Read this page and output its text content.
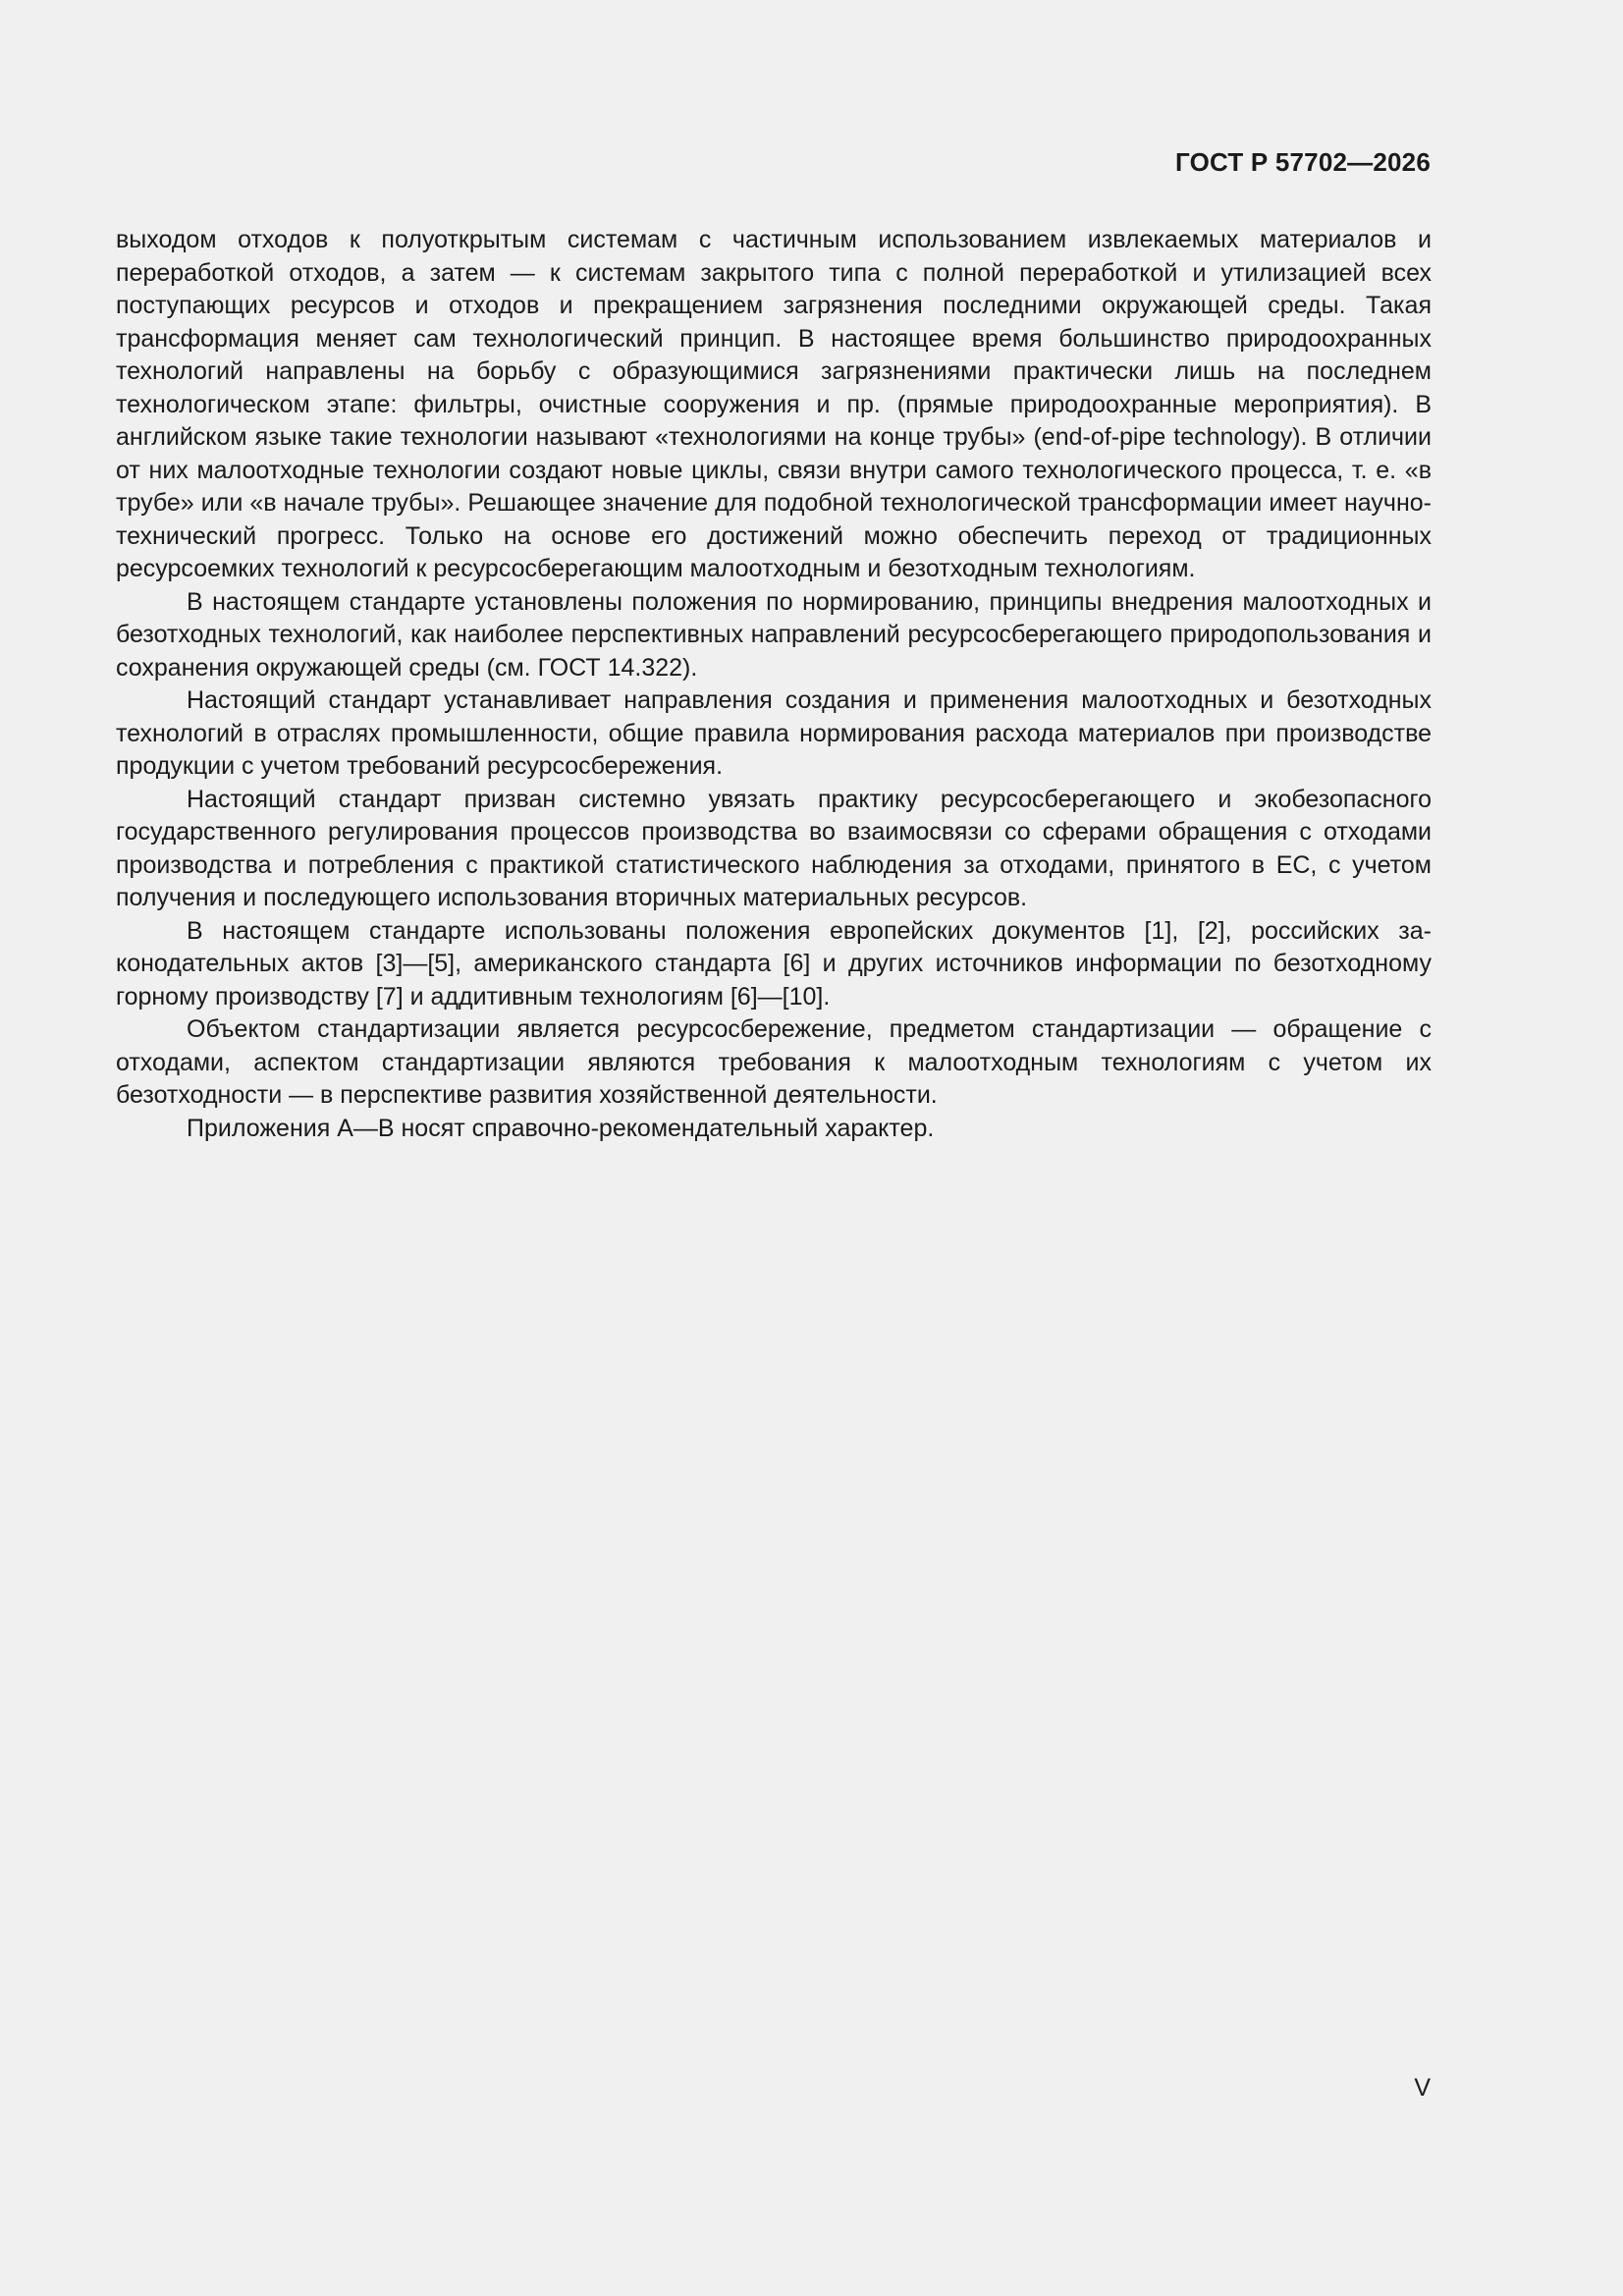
ГОСТ Р 57702—2026

выходом отходов к полуоткрытым системам с частичным использованием извлекаемых материалов и переработкой отходов, а затем — к системам закрытого типа с полной переработкой и утилизацией всех поступающих ресурсов и отходов и прекращением загрязнения последними окружающей среды. Такая трансформация меняет сам технологический принцип. В настоящее время большинство природоохранных технологий направлены на борьбу с образующимися загрязнениями практически лишь на последнем технологическом этапе: фильтры, очистные сооружения и пр. (прямые природоохранные мероприятия). В английском языке такие технологии называют «технологиями на конце трубы» (end-of-pipe technology). В отличии от них малоотходные технологии создают новые циклы, связи внутри самого технологического процесса, т. е. «в трубе» или «в начале трубы». Решающее значение для подобной технологической трансформации имеет научно-технический прогресс. Только на основе его достижений можно обеспечить переход от традиционных ресурсоемких технологий к ресурсосберегающим малоотходным и безотходным технологиям.

В настоящем стандарте установлены положения по нормированию, принципы внедрения малоотходных и безотходных технологий, как наиболее перспективных направлений ресурсосберегающего природопользования и сохранения окружающей среды (см. ГОСТ 14.322).

Настоящий стандарт устанавливает направления создания и применения малоотходных и безотходных технологий в отраслях промышленности, общие правила нормирования расхода материалов при производстве продукции с учетом требований ресурсосбережения.

Настоящий стандарт призван системно увязать практику ресурсосберегающего и экобезопасного государственного регулирования процессов производства во взаимосвязи со сферами обращения с отходами производства и потребления с практикой статистического наблюдения за отходами, принятого в ЕС, с учетом получения и последующего использования вторичных материальных ресурсов.

В настоящем стандарте использованы положения европейских документов [1], [2], российских законодательных актов [3]—[5], американского стандарта [6] и других источников информации по безотходному горному производству [7] и аддитивным технологиям [6]—[10].

Объектом стандартизации является ресурсосбережение, предметом стандартизации — обращение с отходами, аспектом стандартизации являются требования к малоотходным технологиям с учетом их безотходности — в перспективе развития хозяйственной деятельности.

Приложения А—В носят справочно-рекомендательный характер.

V
